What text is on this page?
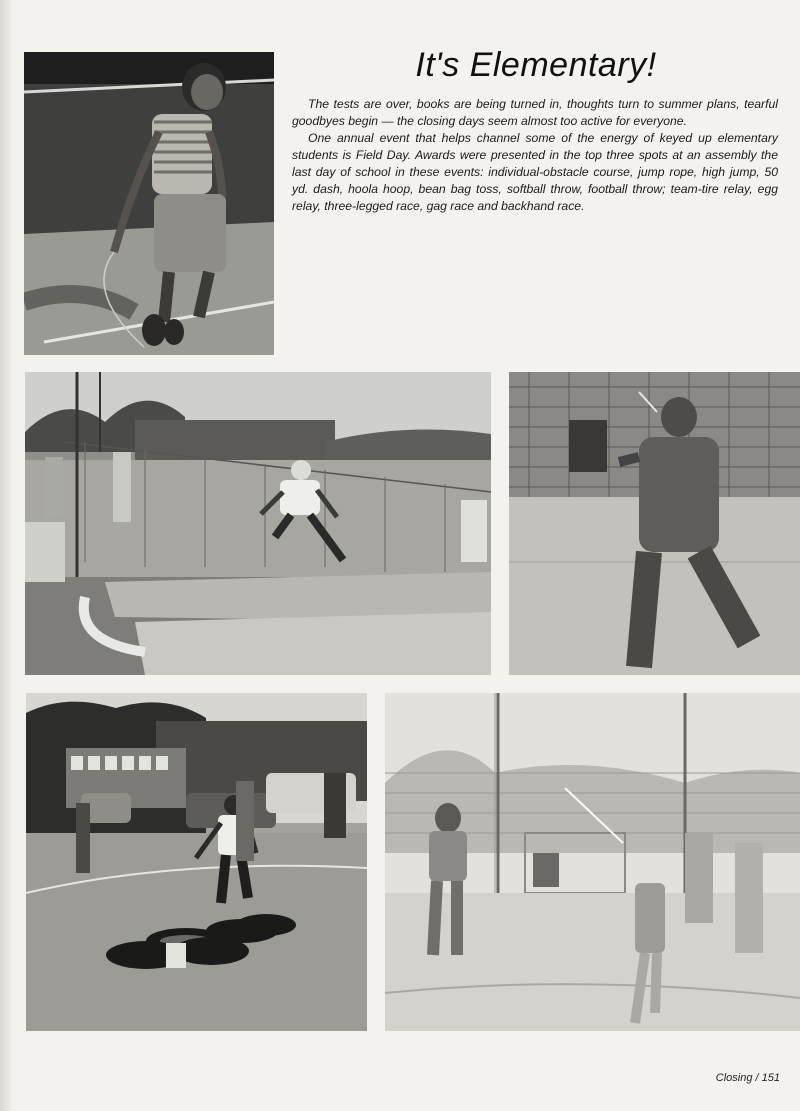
It's Elementary!

The tests are over, books are being turned in, thoughts turn to summer plans, tearful goodbyes begin — the closing days seem almost too active for everyone.

One annual event that helps channel some of the energy of keyed up elementary students is Field Day. Awards were presented in the top three spots at an assembly the last day of school in these events: individual-obstacle course, jump rope, high jump, 50 yd. dash, hoola hoop, bean bag toss, softball throw, football throw; team-tire relay, egg relay, three-legged race, gag race and backhand race.

Closing / 151
